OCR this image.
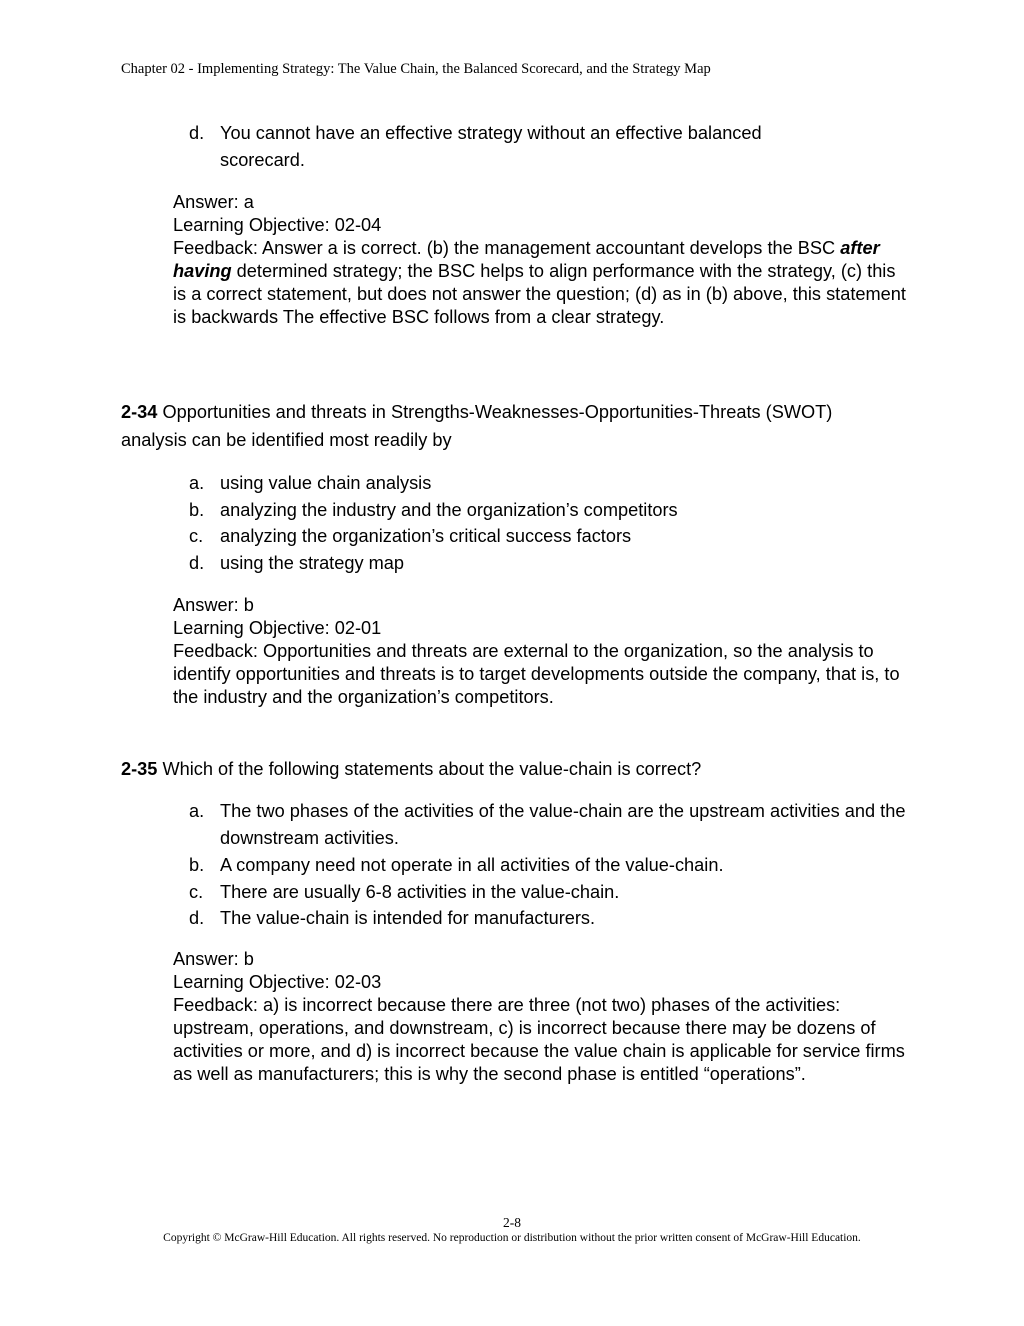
Chapter 02 - Implementing Strategy: The Value Chain, the Balanced Scorecard, and the Strategy Map
d. You cannot have an effective strategy without an effective balanced scorecard.
Answer: a
Learning Objective: 02-04
Feedback: Answer a is correct. (b) the management accountant develops the BSC after having determined strategy; the BSC helps to align performance with the strategy, (c) this is a correct statement, but does not answer the question; (d) as in (b) above, this statement is backwards The effective BSC follows from a clear strategy.
2-34 Opportunities and threats in Strengths-Weaknesses-Opportunities-Threats (SWOT) analysis can be identified most readily by
a. using value chain analysis
b. analyzing the industry and the organization’s competitors
c. analyzing the organization’s critical success factors
d. using the strategy map
Answer: b
Learning Objective: 02-01
Feedback: Opportunities and threats are external to the organization, so the analysis to identify opportunities and threats is to target developments outside the company, that is, to the industry and the organization’s competitors.
2-35 Which of the following statements about the value-chain is correct?
a. The two phases of the activities of the value-chain are the upstream activities and the downstream activities.
b. A company need not operate in all activities of the value-chain.
c. There are usually 6-8 activities in the value-chain.
d. The value-chain is intended for manufacturers.
Answer: b
Learning Objective: 02-03
Feedback: a) is incorrect because there are three (not two) phases of the activities: upstream, operations, and downstream, c) is incorrect because there may be dozens of activities or more, and d) is incorrect because the value chain is applicable for service firms as well as manufacturers; this is why the second phase is entitled “operations”.
2-8
Copyright © McGraw-Hill Education. All rights reserved. No reproduction or distribution without the prior written consent of McGraw-Hill Education.
